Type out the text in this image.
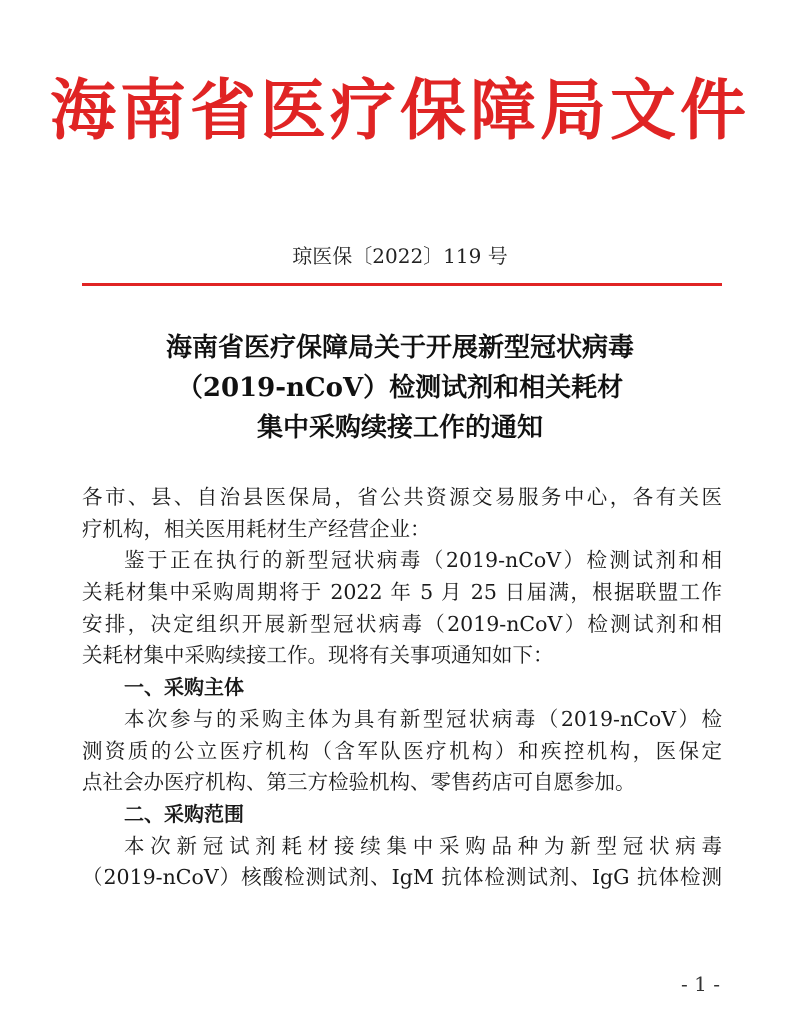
海南省医疗保障局文件
琼医保〔2022〕119 号
海南省医疗保障局关于开展新型冠状病毒
（2019-nCoV）检测试剂和相关耗材
集中采购续接工作的通知
各市、县、自治县医保局，省公共资源交易服务中心，各有关医
疗机构，相关医用耗材生产经营企业：
鉴于正在执行的新型冠状病毒（2019-nCoV）检测试剂和相
关耗材集中采购周期将于 2022 年 5 月 25 日届满，根据联盟工作
安排，决定组织开展新型冠状病毒（2019-nCoV）检测试剂和相
关耗材集中采购续接工作。现将有关事项通知如下：
一、采购主体
本次参与的采购主体为具有新型冠状病毒（2019-nCoV）检
测资质的公立医疗机构（含军队医疗机构）和疾控机构，医保定
点社会办医疗机构、第三方检验机构、零售药店可自愿参加。
二、采购范围
本次新冠试剂耗材接续集中采购品种为新型冠状病毒
（2019-nCoV）核酸检测试剂、IgM 抗体检测试剂、IgG 抗体检测
- 1 -
